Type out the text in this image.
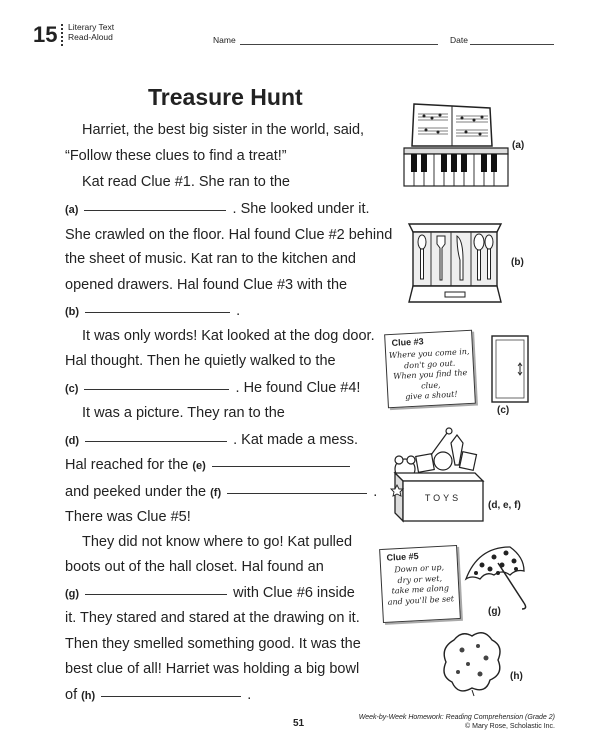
15 Literary Text
Read-Aloud	Name	Date
Treasure Hunt
Harriet, the best big sister in the world, said,
“Follow these clues to find a treat!”
Kat read Clue #1. She ran to the
(a)	. She looked under it.
She crawled on the floor. Hal found Clue #2 behind
the sheet of music. Kat ran to the kitchen and
opened drawers. Hal found Clue #3 with the
(b)	.
It was only words! Kat looked at the dog door.
Hal thought. Then he quietly walked to the
(c)	. He found Clue #4!
It was a picture. They ran to the
(d)	. Kat made a mess.
Hal reached for the (e)
and peeked under the (f)	.
There was Clue #5!
They did not know where to go! Kat pulled
boots out of the hall closet. Hal found an
(g)	with Clue #6 inside
it. They stared and stared at the drawing on it.
Then they smelled something good. It was the
best clue of all! Harriet was holding a big bowl
of (h)	.
(a)
(b)
Clue #3
Where you come in,
don't go out.
When you find the clue,
give a shout!
(c)
TOYS
(d, e, f)
Clue #5
Down or up,
dry or wet,
take me along
and you'll be set
(g)
(h)
51
Week-by-Week Homework: Reading Comprehension (Grade 2)
© Mary Rose, Scholastic Inc.
